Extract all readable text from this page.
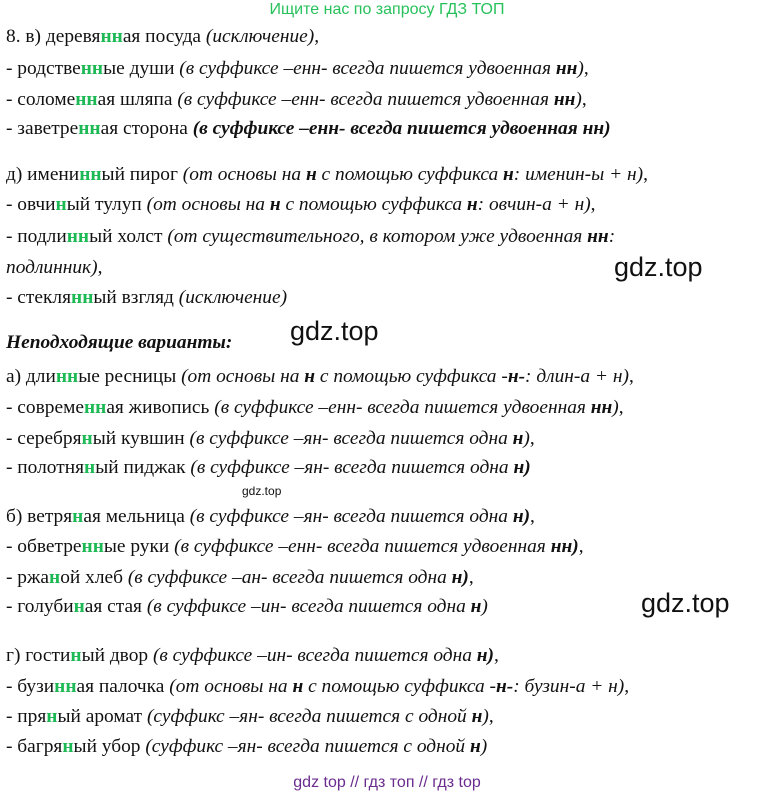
Ищите нас по запросу ГДЗ ТОП
8. в) деревянная посуда (исключение),
- родственные души (в суффиксе –енн- всегда пишется удвоенная нн),
- соломенная шляпа (в суффиксе –енн- всегда пишется удвоенная нн),
- заветренная сторона (в суффиксе –енн- всегда пишется удвоенная нн)
д) именинный пирог (от основы на н с помощью суффикса н: именин-ы + н),
- овчиный тулуп (от основы на н с помощью суффикса н: овчин-а + н),
- подлинный холст (от существительного, в котором уже удвоенная нн:
подлинник),
- стеклянный взгляд (исключение)
Неподходящие варианты:
а) длинные ресницы (от основы на н с помощью суффикса -н-: длин-а + н),
- современная живопись (в суффиксе –енн- всегда пишется удвоенная нн),
- серебряный кувшин (в суффиксе –ян- всегда пишется одна н),
- полотняный пиджак (в суффиксе –ян- всегда пишется одна н)
б) ветряная мельница (в суффиксе –ян- всегда пишется одна н),
- обветренные руки (в суффиксе –енн- всегда пишется удвоенная нн),
- ржаной хлеб (в суффиксе –ан- всегда пишется одна н),
- голубиная стая (в суффиксе –ин- всегда пишется одна н)
г) гостиный двор (в суффиксе –ин- всегда пишется одна н),
- бузинная палочка (от основы на н с помощью суффикса -н-: бузин-а + н),
- пряный аромат (суффикс –ян- всегда пишется с одной н),
- багряный убор (суффикс –ян- всегда пишется с одной н)
gdz.top
gdz.top
gdz.top
gdz.top
gdz top // гдз топ // гдз top
